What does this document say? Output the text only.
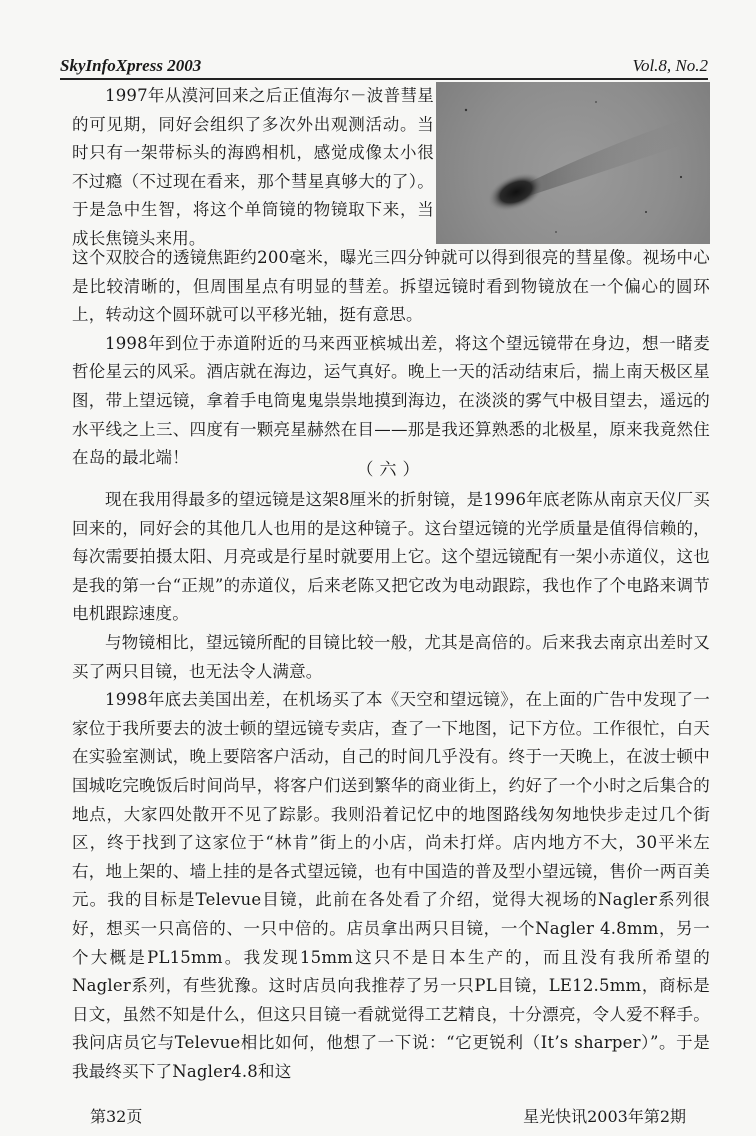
SkyInfoXpress 2003	Vol.8, No.2

1997年从漠河回来之后正值海尔－波普彗星的可见期，同好会组织了多次外出观测活动。当时只有一架带标头的海鸥相机，感觉成像太小很不过瘾（不过现在看来，那个彗星真够大的了）。于是急中生智，将这个单筒镜的物镜取下来，当成长焦镜头来用。

这个双胶合的透镜焦距约200毫米，曝光三四分钟就可以得到很亮的彗星像。视场中心是比较清晰的，但周围星点有明显的彗差。拆望远镜时看到物镜放在一个偏心的圆环上，转动这个圆环就可以平移光轴，挺有意思。

1998年到位于赤道附近的马来西亚槟城出差，将这个望远镜带在身边，想一睹麦哲伦星云的风采。酒店就在海边，运气真好。晚上一天的活动结束后，揣上南天极区星图，带上望远镜，拿着手电筒鬼鬼祟祟地摸到海边，在淡淡的雾气中极目望去，遥远的水平线之上三、四度有一颗亮星赫然在目——那是我还算熟悉的北极星，原来我竟然住在岛的最北端！

（六）

现在我用得最多的望远镜是这架8厘米的折射镜，是1996年底老陈从南京天仪厂买回来的，同好会的其他几人也用的是这种镜子。这台望远镜的光学质量是值得信赖的，每次需要拍摄太阳、月亮或是行星时就要用上它。这个望远镜配有一架小赤道仪，这也是我的第一台“正规”的赤道仪，后来老陈又把它改为电动跟踪，我也作了个电路来调节电机跟踪速度。

与物镜相比，望远镜所配的目镜比较一般，尤其是高倍的。后来我去南京出差时又买了两只目镜，也无法令人满意。

1998年底去美国出差，在机场买了本《天空和望远镜》，在上面的广告中发现了一家位于我所要去的波士顿的望远镜专卖店，查了一下地图，记下方位。工作很忙，白天在实验室测试，晚上要陪客户活动，自己的时间几乎没有。终于一天晚上，在波士顿中国城吃完晚饭后时间尚早，将客户们送到繁华的商业街上，约好了一个小时之后集合的地点，大家四处散开不见了踪影。我则沿着记忆中的地图路线匆匆地快步走过几个街区，终于找到了这家位于“林肯”街上的小店，尚未打烊。店内地方不大，30平米左右，地上架的、墙上挂的是各式望远镜，也有中国造的普及型小望远镜，售价一两百美元。我的目标是Televue目镜，此前在各处看了介绍，觉得大视场的Nagler系列很好，想买一只高倍的、一只中倍的。店员拿出两只目镜，一个Nagler 4.8mm，另一个大概是PL15mm。我发现15mm这只不是日本生产的，而且没有我所希望的Nagler系列，有些犹豫。这时店员向我推荐了另一只PL目镜，LE12.5mm，商标是日文，虽然不知是什么，但这只目镜一看就觉得工艺精良，十分漂亮，令人爱不释手。我问店员它与Televue相比如何，他想了一下说：“它更锐利（It’s sharper）”。于是我最终买下了Nagler4.8和这

第32页	星光快讯2003年第2期
